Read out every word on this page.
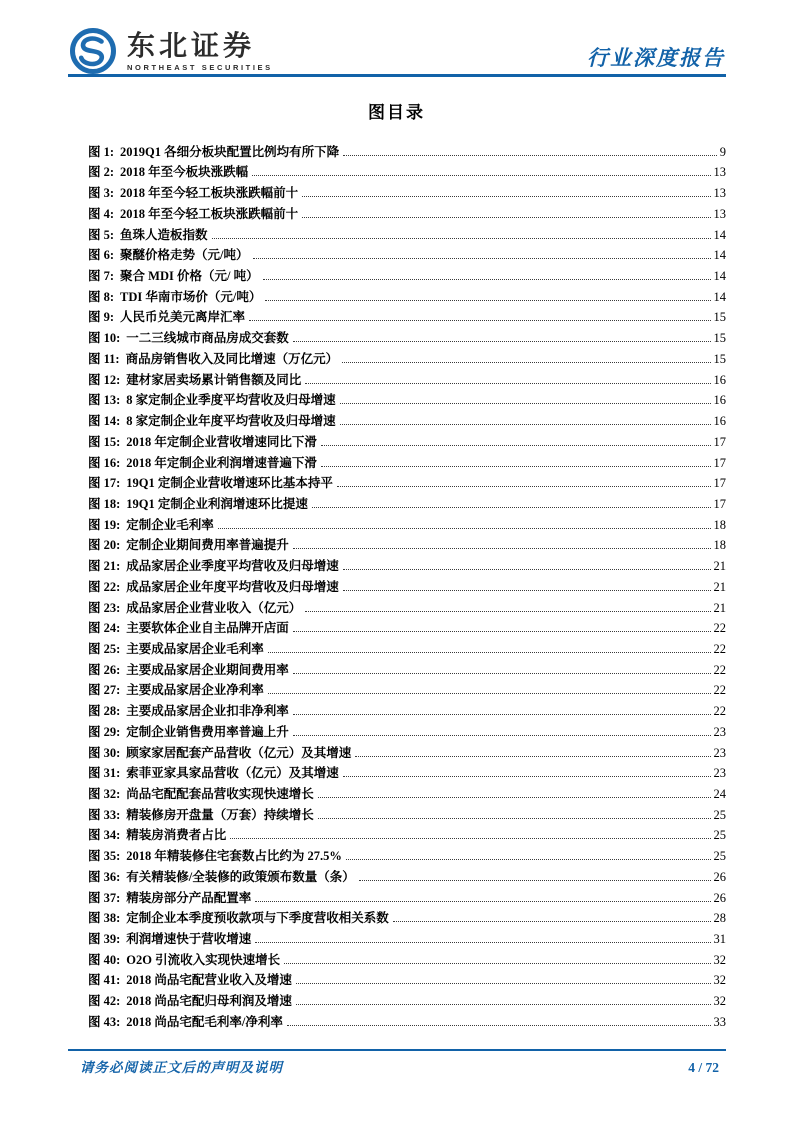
东北证券
NORTHEAST SECURITIES	行业深度报告
图目录
图 1: 2019Q1 各细分板块配置比例均有所下降	9
图 2: 2018 年至今板块涨跌幅	13
图 3: 2018 年至今轻工板块涨跌幅前十	13
图 4: 2018 年至今轻工板块涨跌幅前十	13
图 5: 鱼珠人造板指数	14
图 6: 聚醚价格走势（元/吨）	14
图 7: 聚合 MDI 价格（元/ 吨）	14
图 8: TDI 华南市场价（元/吨）	14
图 9: 人民币兑美元离岸汇率	15
图 10: 一二三线城市商品房成交套数	15
图 11: 商品房销售收入及同比增速（万亿元）	15
图 12: 建材家居卖场累计销售额及同比	16
图 13: 8 家定制企业季度平均营收及归母增速	16
图 14: 8 家定制企业年度平均营收及归母增速	16
图 15: 2018 年定制企业营收增速同比下滑	17
图 16: 2018 年定制企业利润增速普遍下滑	17
图 17: 19Q1 定制企业营收增速环比基本持平	17
图 18: 19Q1 定制企业利润增速环比提速	17
图 19: 定制企业毛利率	18
图 20: 定制企业期间费用率普遍提升	18
图 21: 成品家居企业季度平均营收及归母增速	21
图 22: 成品家居企业年度平均营收及归母增速	21
图 23: 成品家居企业营业收入（亿元）	21
图 24: 主要软体企业自主品牌开店面	22
图 25: 主要成品家居企业毛利率	22
图 26: 主要成品家居企业期间费用率	22
图 27: 主要成品家居企业净利率	22
图 28: 主要成品家居企业扣非净利率	22
图 29: 定制企业销售费用率普遍上升	23
图 30: 顾家家居配套产品营收（亿元）及其增速	23
图 31: 索菲亚家具家品营收（亿元）及其增速	23
图 32: 尚品宅配配套品营收实现快速增长	24
图 33: 精装修房开盘量（万套）持续增长	25
图 34: 精装房消费者占比	25
图 35: 2018 年精装修住宅套数占比约为 27.5%	25
图 36: 有关精装修/全装修的政策颁布数量（条）	26
图 37: 精装房部分产品配置率	26
图 38: 定制企业本季度预收款项与下季度营收相关系数	28
图 39: 利润增速快于营收增速	31
图 40: O2O 引流收入实现快速增长	32
图 41: 2018 尚品宅配营业收入及增速	32
图 42: 2018 尚品宅配归母利润及增速	32
图 43: 2018 尚品宅配毛利率/净利率	33
请务必阅读正文后的声明及说明	4 / 72
